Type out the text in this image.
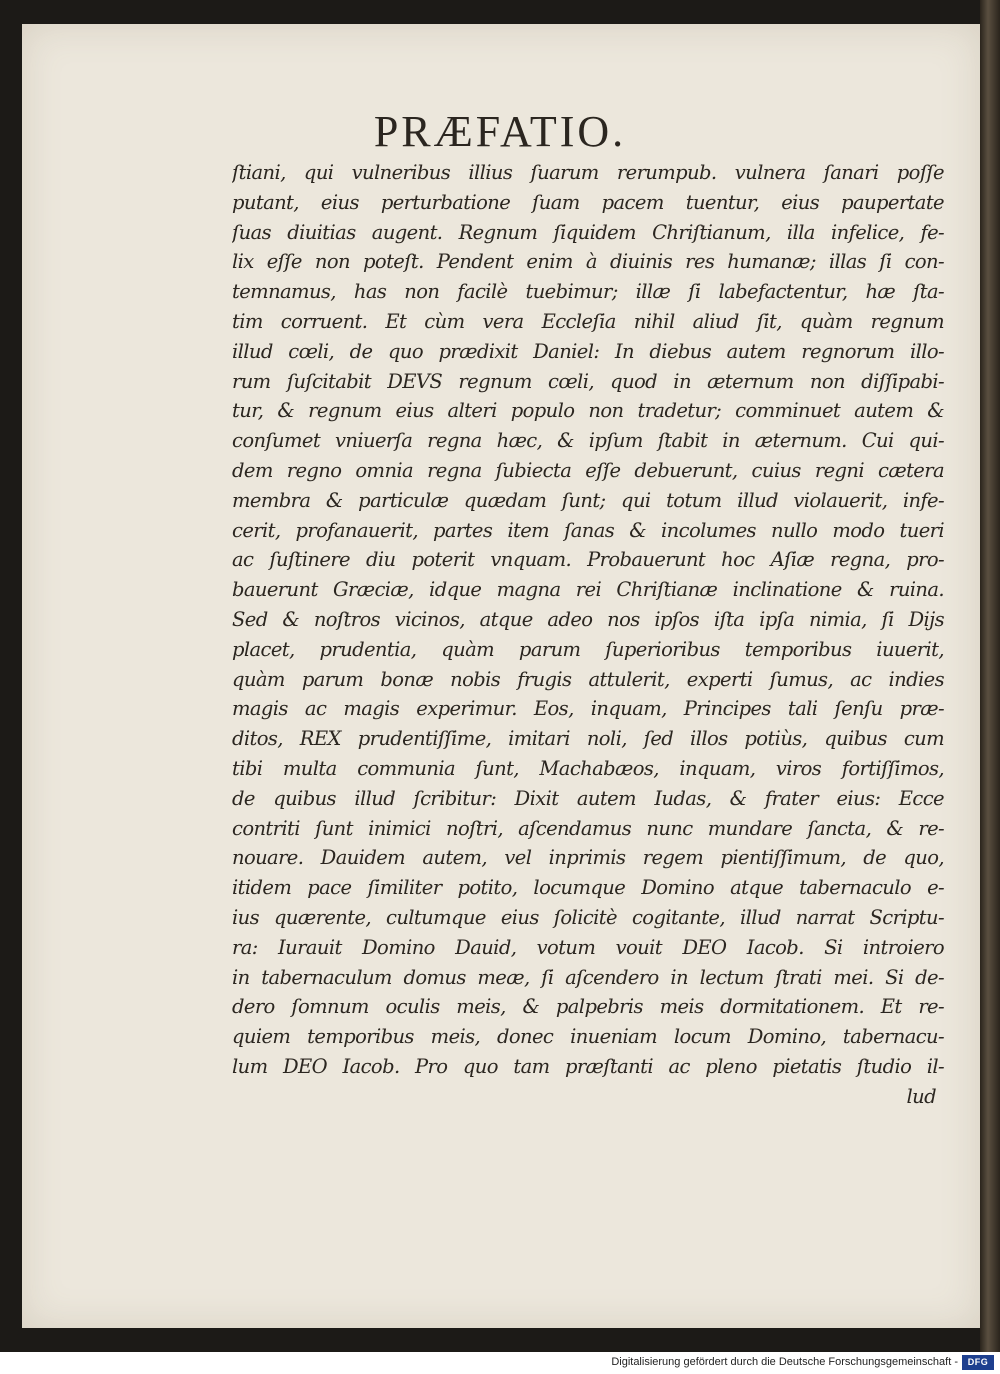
PRÆFATIO.
ſtiani, qui vulneribus illius ſuarum rerumpub. vulnera ſanari poſſe
putant, eius perturbatione ſuam pacem tuentur, eius paupertate
ſuas diuitias augent. Regnum ſiquidem Chriſtianum, illa infelice, fe-
lix eſſe non poteſt. Pendent enim à diuinis res humanæ; illas ſi con-
temnamus, has non facilè tuebimur; illæ ſi labefactentur, hæ ſta-
tim corruent. Et cùm vera Eccleſia nihil aliud ſit, quàm regnum
illud cœli, de quo prædixit Daniel: In diebus autem regnorum illo-
rum ſuſcitabit DEVS regnum cœli, quod in æternum non diſſipabi-
tur, & regnum eius alteri populo non tradetur; comminuet autem &
conſumet vniuerſa regna hæc, & ipſum ſtabit in æternum. Cui qui-
dem regno omnia regna ſubiecta eſſe debuerunt, cuius regni cætera
membra & particulæ quædam ſunt; qui totum illud violauerit, infe-
cerit, profanauerit, partes item ſanas & incolumes nullo modo tueri
ac ſuſtinere diu poterit vnquam. Probauerunt hoc Aſiæ regna, pro-
bauerunt Græciæ, idque magna rei Chriſtianæ inclinatione & ruina.
Sed & noſtros vicinos, atque adeo nos ipſos iſta ipſa nimia, ſi Dijs
placet, prudentia, quàm parum ſuperioribus temporibus iuuerit,
quàm parum bonæ nobis frugis attulerit, experti ſumus, ac indies
magis ac magis experimur. Eos, inquam, Principes tali ſenſu præ-
ditos, REX prudentiſſime, imitari noli, ſed illos potiùs, quibus cum
tibi multa communia ſunt, Machabæos, inquam, viros fortiſſimos,
de quibus illud ſcribitur: Dixit autem Iudas, & frater eius: Ecce
contriti ſunt inimici noſtri, aſcendamus nunc mundare ſancta, & re-
nouare. Dauidem autem, vel inprimis regem pientiſſimum, de quo,
itidem pace ſimiliter potito, locumque Domino atque tabernaculo e-
ius quærente, cultumque eius ſolicitè cogitante, illud narrat Scriptu-
ra: Iurauit Domino Dauid, votum vouit DEO Iacob. Si introiero
in tabernaculum domus meæ, ſi aſcendero in lectum ſtrati mei. Si de-
dero ſomnum oculis meis, & palpebris meis dormitationem. Et re-
quiem temporibus meis, donec inueniam locum Domino, tabernacu-
lum DEO Iacob. Pro quo tam præſtanti ac pleno pietatis ſtudio il-
lud
Digitalisierung gefördert durch die Deutsche Forschungsgemeinschaft -	DFG
